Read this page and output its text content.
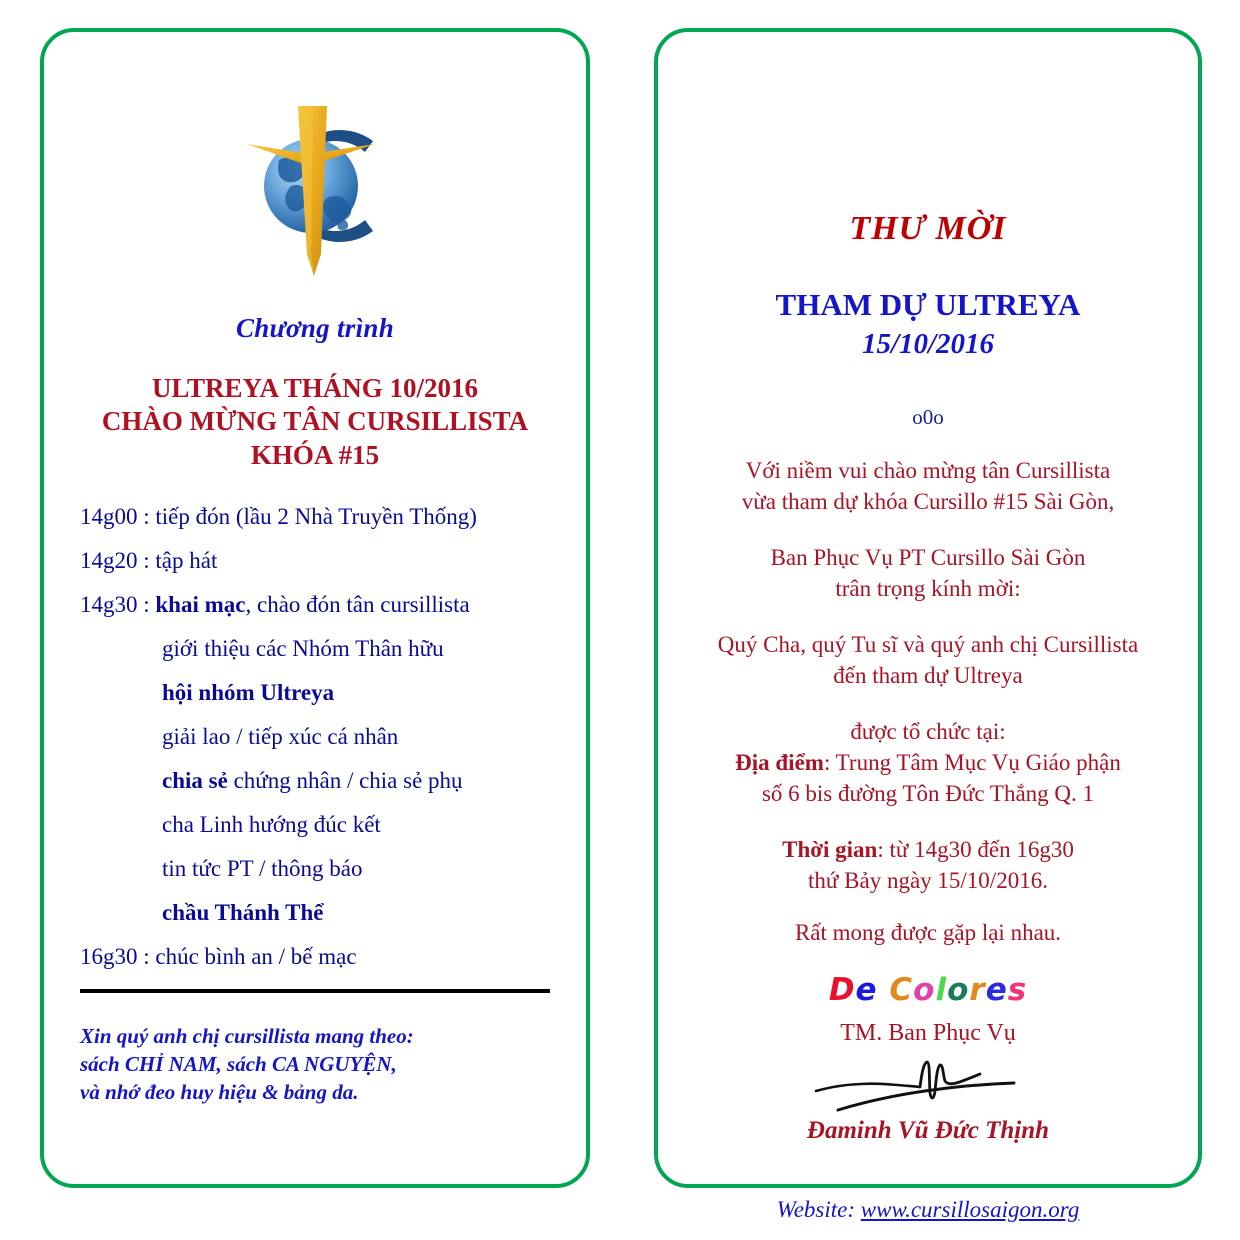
Chương trình
ULTREYA THÁNG 10/2016
CHÀO MỪNG TÂN CURSILLISTA
KHÓA #15
14g00 : tiếp đón (lầu 2 Nhà Truyền Thống)
14g20 : tập hát
14g30 : khai mạc, chào đón tân cursillista
giới thiệu các Nhóm Thân hữu
hội nhóm Ultreya
giải lao / tiếp xúc cá nhân
chia sẻ chứng nhân / chia sẻ phụ
cha Linh hướng đúc kết
tin tức PT / thông báo
chầu Thánh Thể
16g30 : chúc bình an / bế mạc
Xin quý anh chị cursillista mang theo:
sách CHỈ NAM, sách CA NGUYỆN,
và nhớ đeo huy hiệu & bảng da.
THƯ MỜI
THAM DỰ ULTREYA
15/10/2016
o0o
Với niềm vui chào mừng tân Cursillista
vừa tham dự khóa Cursillo #15 Sài Gòn,
Ban Phục Vụ PT Cursillo Sài Gòn
trân trọng kính mời:
Quý Cha, quý Tu sĩ và quý anh chị Cursillista
đến tham dự Ultreya
được tổ chức tại:
Địa điểm: Trung Tâm Mục Vụ Giáo phận
số 6 bis đường Tôn Đức Thắng Q. 1
Thời gian: từ 14g30 đến 16g30
thứ Bảy ngày 15/10/2016.
Rất mong được gặp lại nhau.
De Colores
TM. Ban Phục Vụ
Đaminh Vũ Đức Thịnh
Website: www.cursillosaigon.org
